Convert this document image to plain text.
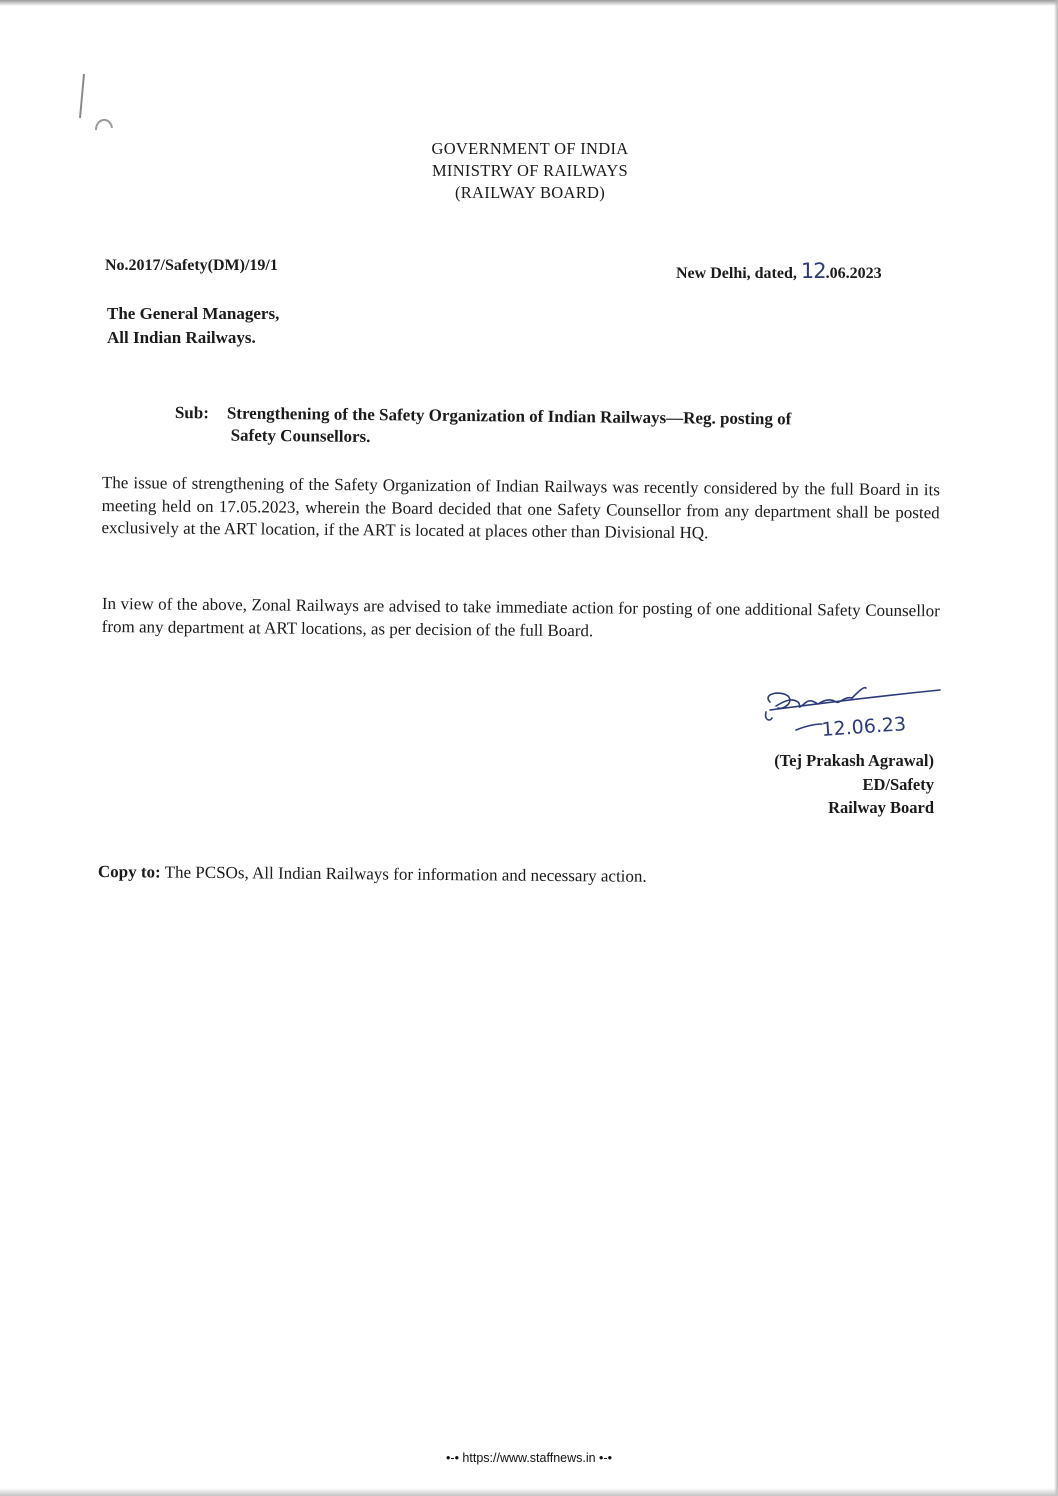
GOVERNMENT OF INDIA
MINISTRY OF RAILWAYS
(RAILWAY BOARD)
No.2017/Safety(DM)/19/1	New Delhi, dated, 12.06.2023
The General Managers,
All Indian Railways.
Sub: Strengthening of the Safety Organization of Indian Railways—Reg. posting of
Safety Counsellors.
The issue of strengthening of the Safety Organization of Indian Railways was recently considered by the full Board in its meeting held on 17.05.2023, wherein the Board decided that one Safety Counsellor from any department shall be posted exclusively at the ART location, if the ART is located at places other than Divisional HQ.
In view of the above, Zonal Railways are advised to take immediate action for posting of one additional Safety Counsellor from any department at ART locations, as per decision of the full Board.
12.06.23
(Tej Prakash Agrawal)
ED/Safety
Railway Board
Copy to: The PCSOs, All Indian Railways for information and necessary action.
•-• https://www.staffnews.in •-•
